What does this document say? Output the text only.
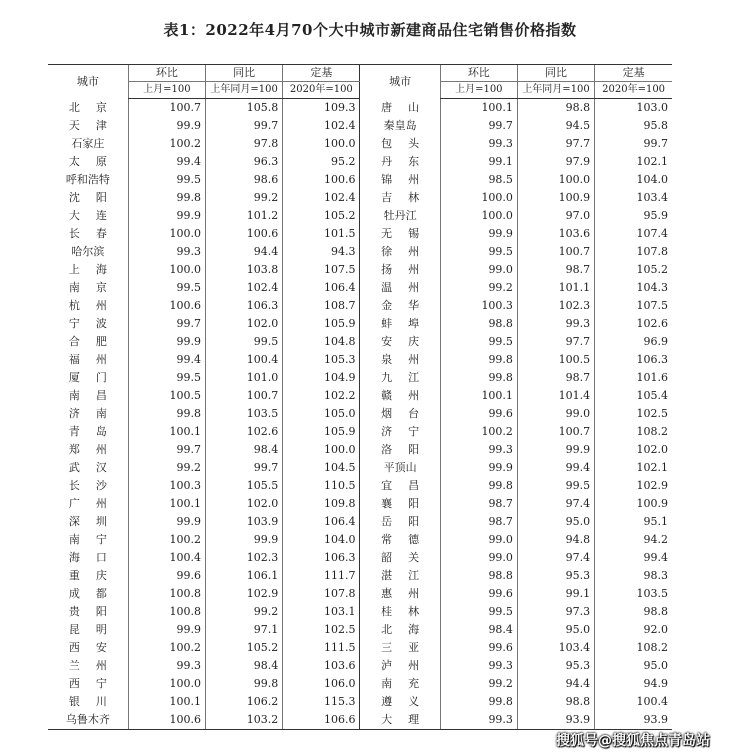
表1：2022年4月70个大中城市新建商品住宅销售价格指数
城市	环比	同比	定基	城市	环比	同比	定基
	上月=100	上年同月=100	2020年=100		上月=100	上年同月=100	2020年=100
北京	100.7	105.8	109.3	唐山	100.1	98.8	103.0
天津	99.9	99.7	102.4	秦皇岛	99.7	94.5	95.8
石家庄	100.2	97.8	100.0	包头	99.3	97.7	99.7
太原	99.4	96.3	95.2	丹东	99.1	97.9	102.1
呼和浩特	99.5	98.6	100.6	锦州	98.5	100.0	104.0
沈阳	99.8	99.2	102.4	吉林	100.0	100.9	103.4
大连	99.9	101.2	105.2	牡丹江	100.0	97.0	95.9
长春	100.0	100.6	101.5	无锡	99.9	103.6	107.4
哈尔滨	99.3	94.4	94.3	徐州	99.5	100.7	107.8
上海	100.0	103.8	107.5	扬州	99.0	98.7	105.2
南京	99.5	102.4	106.4	温州	99.2	101.1	104.3
杭州	100.6	106.3	108.7	金华	100.3	102.3	107.5
宁波	99.7	102.0	105.9	蚌埠	98.8	99.3	102.6
合肥	99.9	99.5	104.8	安庆	99.5	97.7	96.9
福州	99.4	100.4	105.3	泉州	99.8	100.5	106.3
厦门	99.5	101.0	104.9	九江	99.8	98.7	101.6
南昌	100.5	100.7	102.2	赣州	100.1	101.4	105.4
济南	99.8	103.5	105.0	烟台	99.6	99.0	102.5
青岛	100.1	102.6	105.9	济宁	100.2	100.7	108.2
郑州	99.7	98.4	100.0	洛阳	99.3	99.9	102.0
武汉	99.2	99.7	104.5	平顶山	99.9	99.4	102.1
长沙	100.3	105.5	110.5	宜昌	99.8	99.5	102.9
广州	100.1	102.0	109.8	襄阳	98.7	97.4	100.9
深圳	99.9	103.9	106.4	岳阳	98.7	95.0	95.1
南宁	100.2	99.9	104.0	常德	99.0	94.8	94.2
海口	100.4	102.3	106.3	韶关	99.0	97.4	99.4
重庆	99.6	106.1	111.7	湛江	98.8	95.3	98.3
成都	100.8	102.9	107.8	惠州	99.6	99.1	103.5
贵阳	100.8	99.2	103.1	桂林	99.5	97.3	98.8
昆明	99.9	97.1	102.5	北海	98.4	95.0	92.0
西安	100.2	105.2	111.5	三亚	99.6	103.4	108.2
兰州	99.3	98.4	103.6	泸州	99.3	95.3	95.0
西宁	100.0	99.8	106.0	南充	99.2	94.4	94.9
银川	100.1	106.2	115.3	遵义	99.8	98.8	100.4
乌鲁木齐	100.6	103.2	106.6	大理	99.3	93.9	93.9
搜狐号@搜狐焦点青岛站
